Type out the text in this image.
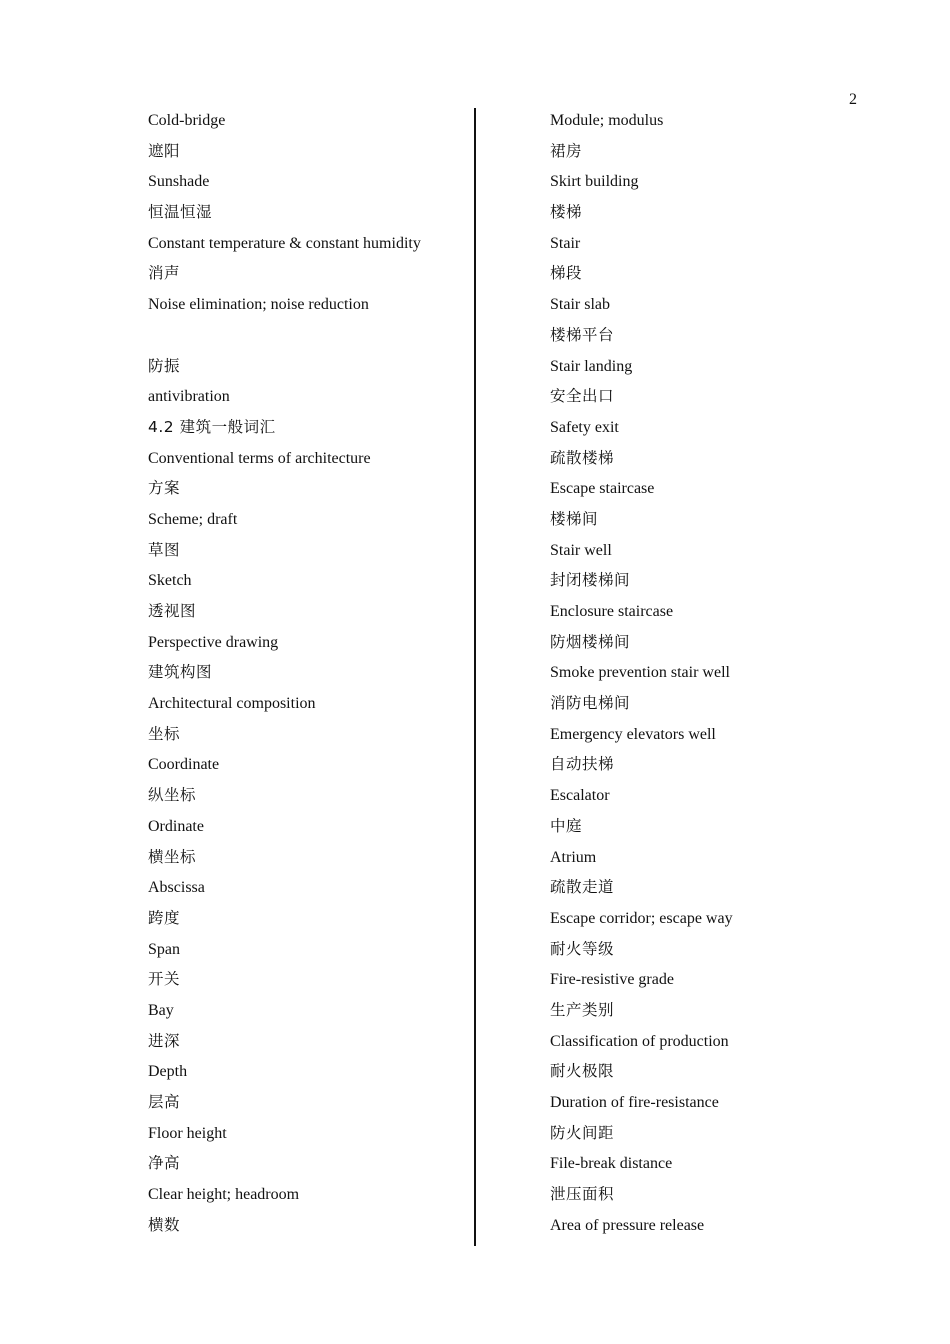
2
Cold-bridge
遮阳
Sunshade
恒温恒湿
Constant temperature & constant humidity
消声
Noise elimination; noise reduction
防振
antivibration
4.2 建筑一般词汇
Conventional terms of architecture
方案
Scheme; draft
草图
Sketch
透视图
Perspective drawing
建筑构图
Architectural composition
坐标
Coordinate
纵坐标
Ordinate
横坐标
Abscissa
跨度
Span
开关
Bay
进深
Depth
层高
Floor height
净高
Clear height; headroom
横数
Module; modulus
裙房
Skirt building
楼梯
Stair
梯段
Stair slab
楼梯平台
Stair landing
安全出口
Safety exit
疏散楼梯
Escape staircase
楼梯间
Stair well
封闭楼梯间
Enclosure staircase
防烟楼梯间
Smoke prevention stair well
消防电梯间
Emergency elevators well
自动扶梯
Escalator
中庭
Atrium
疏散走道
Escape corridor; escape way
耐火等级
Fire-resistive grade
生产类别
Classification of production
耐火极限
Duration of fire-resistance
防火间距
File-break distance
泄压面积
Area of pressure release
